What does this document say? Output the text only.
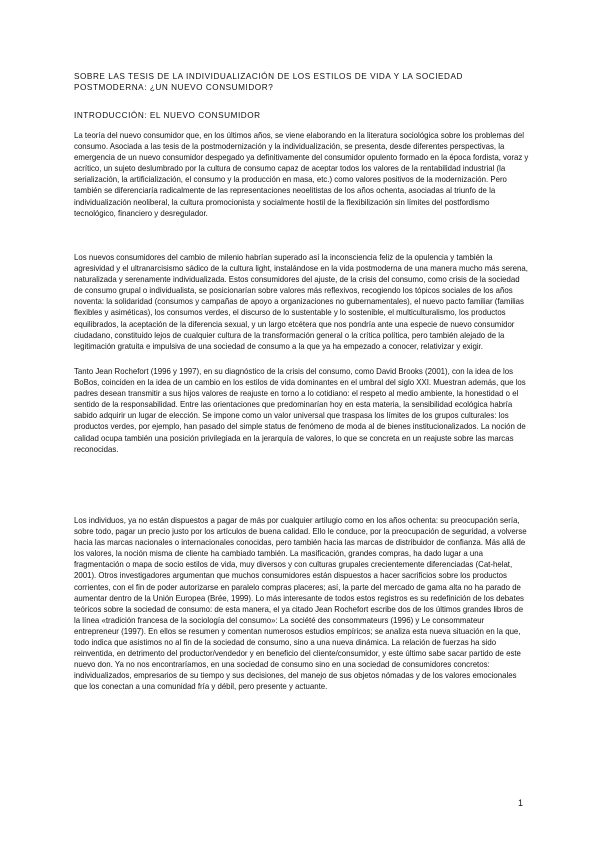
SOBRE LAS TESIS DE LA INDIVIDUALIZACIÓN DE LOS ESTILOS DE VIDA Y LA SOCIEDAD POSTMODERNA: ¿UN NUEVO CONSUMIDOR?

INTRODUCCIÓN: EL NUEVO CONSUMIDOR

La teoría del nuevo consumidor que, en los últimos años, se viene elaborando en la literatura sociológica sobre los problemas del consumo. Asociada a las tesis de la postmodernización y la individualización, se presenta, desde diferentes perspectivas, la emergencia de un nuevo consumidor despegado ya definitivamente del consumidor opulento formado en la época fordista, voraz y acrítico, un sujeto deslumbrado por la cultura de consumo capaz de aceptar todos los valores de la rentabilidad industrial (la serialización, la artificialización, el consumo y la producción en masa, etc.) como valores positivos de la modernización. Pero también se diferenciaría radicalmente de las representaciones neoelitistas de los años ochenta, asociadas al triunfo de la individualización neoliberal, la cultura promocionista y socialmente hostil de la flexibilización sin límites del postfordismo tecnológico, financiero y desregulador.

Los nuevos consumidores del cambio de milenio habrían superado así la inconsciencia feliz de la opulencia y también la agresividad y el ultranarcisismo sádico de la cultura light, instalándose en la vida postmoderna de una manera mucho más serena, naturalizada y serenamente individualizada. Estos consumidores del ajuste, de la crisis del consumo, como crisis de la sociedad de consumo grupal o individualista, se posicionarían sobre valores más reflexivos, recogiendo los tópicos sociales de los años noventa: la solidaridad (consumos y campañas de apoyo a organizaciones no gubernamentales), el nuevo pacto familiar (familias flexibles y asiméticas), los consumos verdes, el discurso de lo sustentable y lo sostenible, el multiculturalismo, los productos equilibrados, la aceptación de la diferencia sexual, y un largo etcétera que nos pondría ante una especie de nuevo consumidor ciudadano, constituido lejos de cualquier cultura de la transformación general o la crítica política, pero también alejado de la legitimación gratuita e impulsiva de una sociedad de consumo a la que ya ha empezado a conocer, relativizar y exigir.

Tanto Jean Rochefort (1996 y 1997), en su diagnóstico de la crisis del consumo, como David Brooks (2001), con la idea de los BoBos, coinciden en la idea de un cambio en los estilos de vida dominantes en el umbral del siglo XXI. Muestran además, que los padres desean transmitir a sus hijos valores de reajuste en torno a lo cotidiano: el respeto al medio ambiente, la honestidad o el sentido de la responsabilidad. Entre las orientaciones que predominarían hoy en esta materia, la sensibilidad ecológica habría sabido adquirir un lugar de elección. Se impone como un valor universal que traspasa los límites de los grupos culturales: los productos verdes, por ejemplo, han pasado del simple status de fenómeno de moda al de bienes institucionalizados. La noción de calidad ocupa también una posición privilegiada en la jerarquía de valores, lo que se concreta en un reajuste sobre las marcas reconocidas.

Los individuos, ya no están dispuestos a pagar de más por cualquier artilugio como en los años ochenta: su preocupación sería, sobre todo, pagar un precio justo por los artículos de buena calidad. Ello le conduce, por la preocupación de seguridad, a volverse hacia las marcas nacionales o internacionales conocidas, pero también hacia las marcas de distribuidor de confianza. Más allá de los valores, la noción misma de cliente ha cambiado también. La masificación, grandes compras, ha dado lugar a una fragmentación o mapa de socio estilos de vida, muy diversos y con culturas grupales crecientemente diferenciadas (Cat-helat, 2001). Otros investigadores argumentan que muchos consumidores están dispuestos a hacer sacrificios sobre los productos corrientes, con el fin de poder autorizarse en paralelo compras placeres; así, la parte del mercado de gama alta no ha parado de aumentar dentro de la Unión Europea (Brée, 1999). Lo más interesante de todos estos registros es su redefinición de los debates teóricos sobre la sociedad de consumo: de esta manera, el ya citado Jean Rochefort escribe dos de los últimos grandes libros de la línea «tradición francesa de la sociología del consumo»: La société des consommateurs (1996) y Le consommateur entrepreneur (1997). En ellos se resumen y comentan numerosos estudios empíricos; se analiza esta nueva situación en la que, todo indica que asistimos no al fin de la sociedad de consumo, sino a una nueva dinámica. La relación de fuerzas ha sido reinventida, en detrimento del productor/vendedor y en beneficio del cliente/consumidor, y este último sabe sacar partido de este nuevo don. Ya no nos encontraríamos, en una sociedad de consumo sino en una sociedad de consumidores concretos: individualizados, empresarios de su tiempo y sus decisiones, del manejo de sus objetos nómadas y de los valores emocionales que los conectan a una comunidad fría y débil, pero presente y actuante.

1
